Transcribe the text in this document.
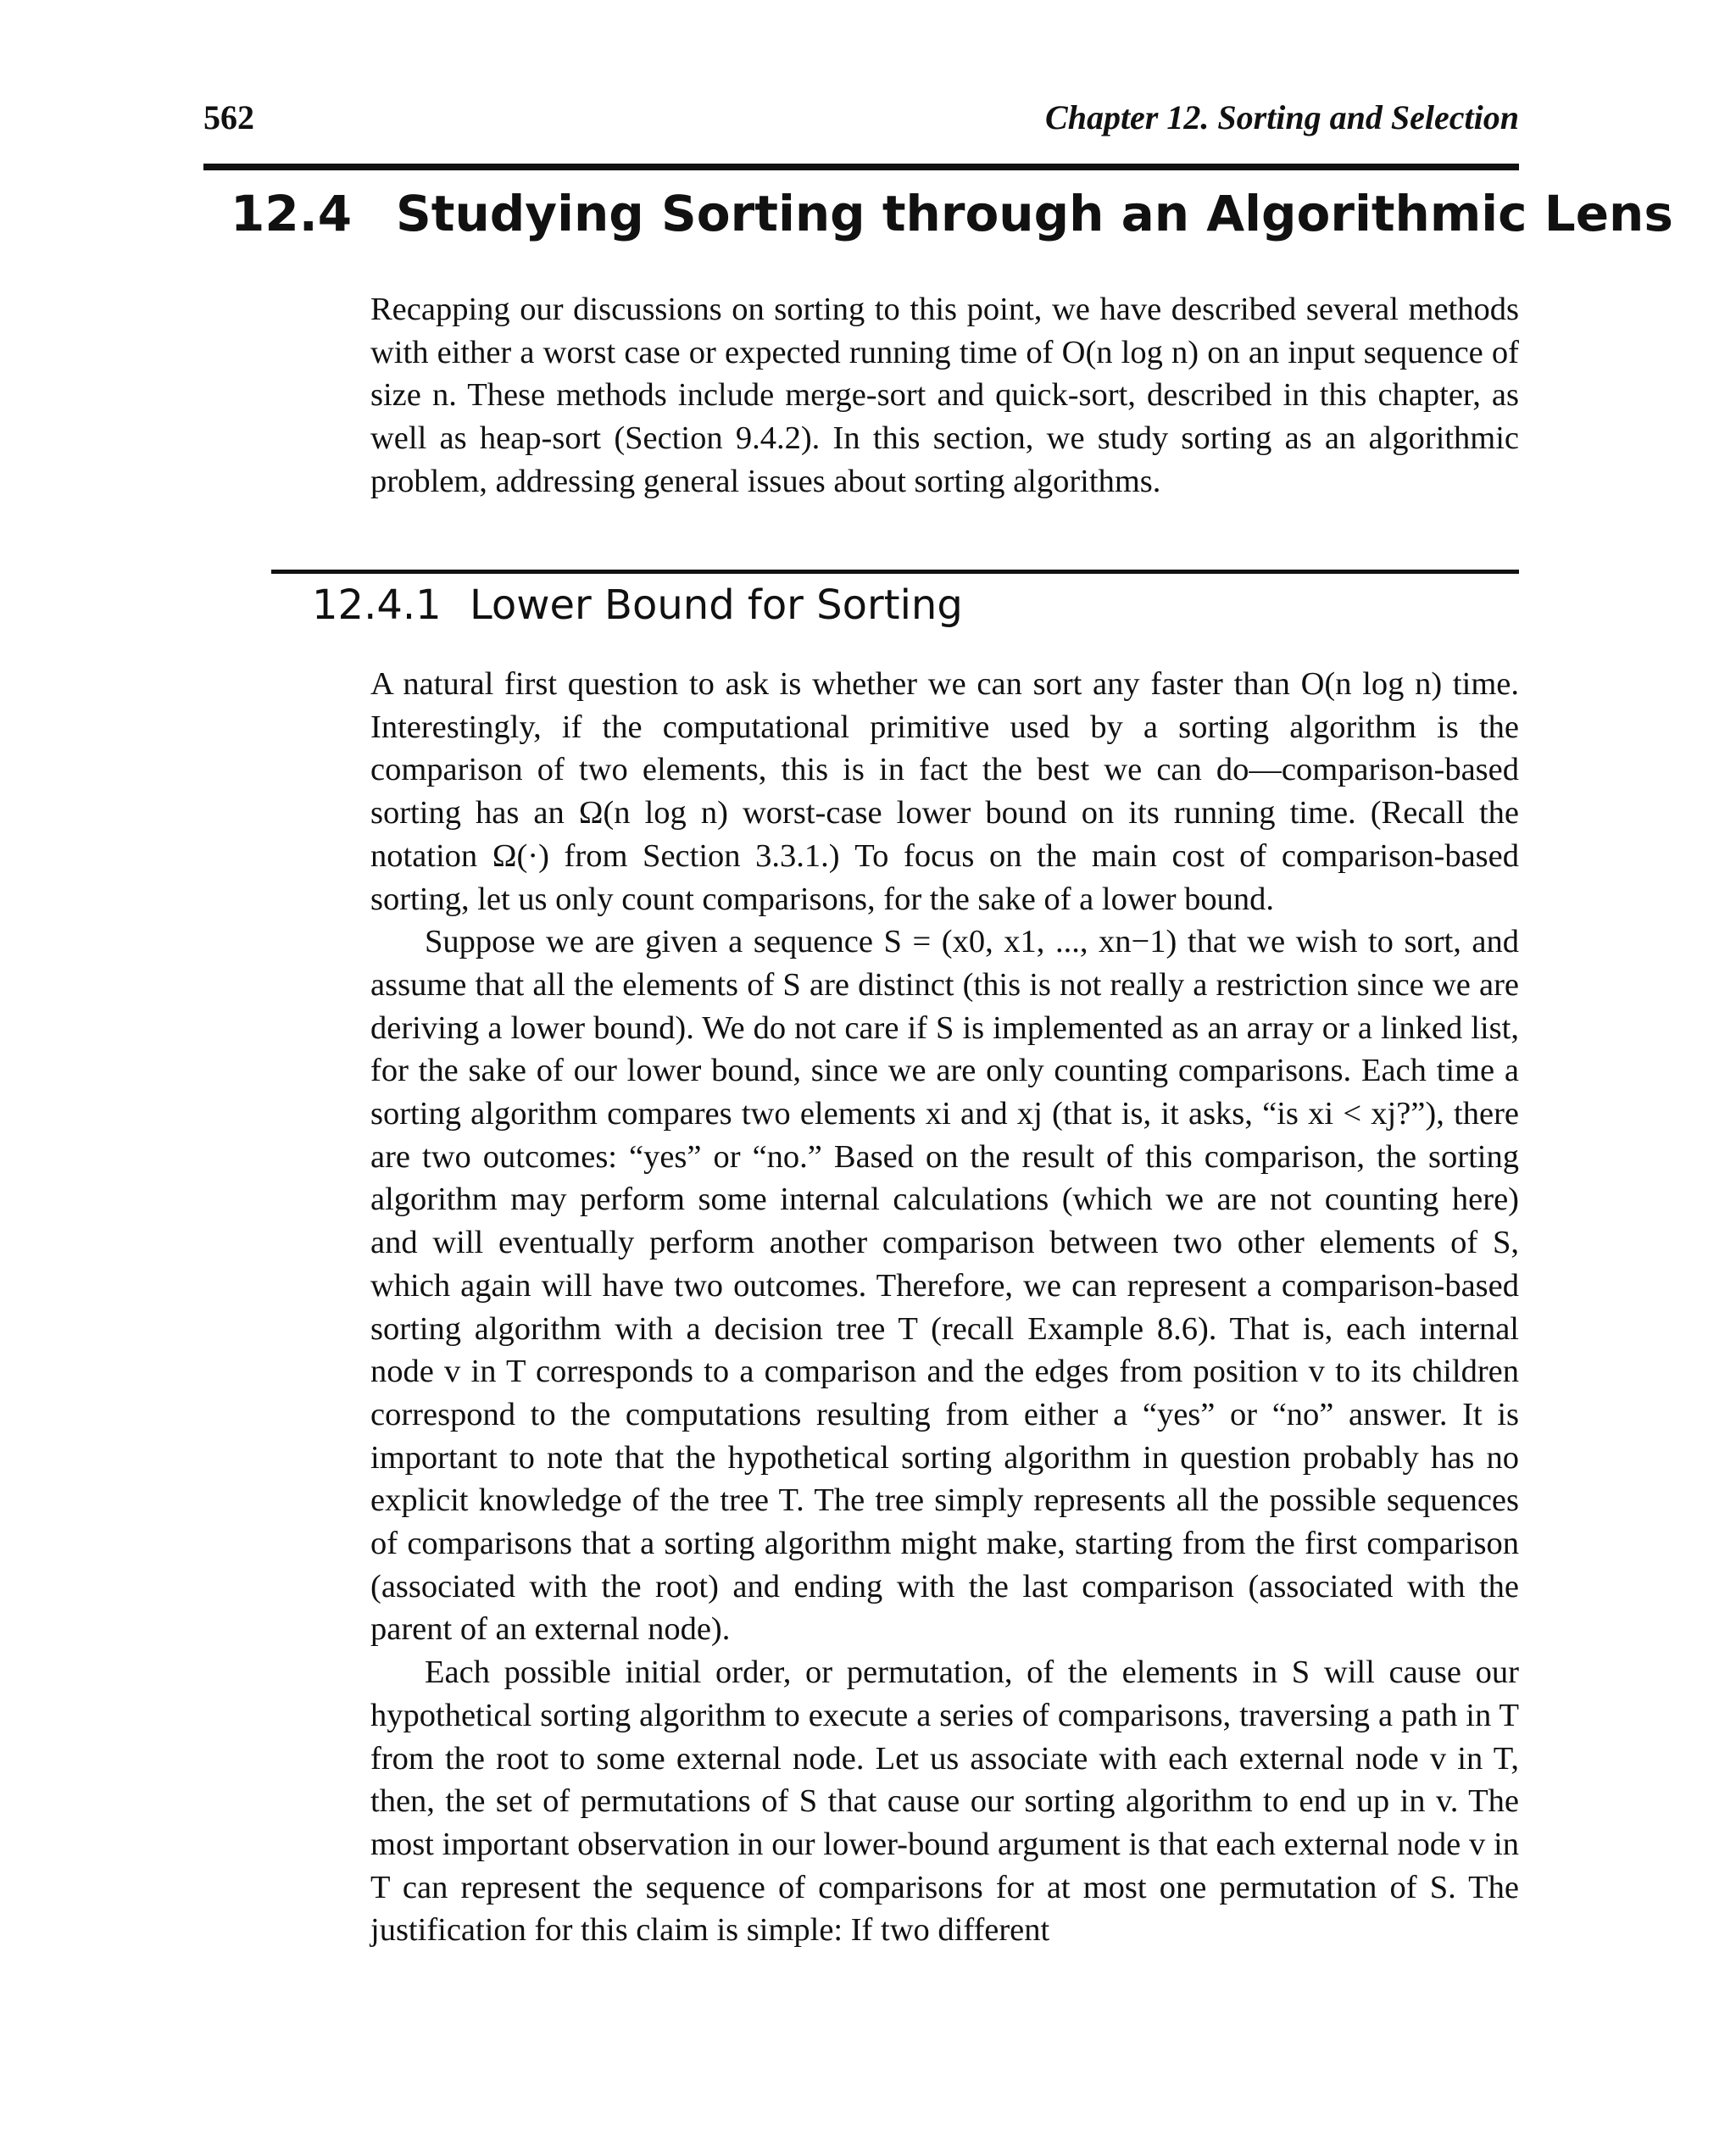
562	Chapter 12. Sorting and Selection
12.4 Studying Sorting through an Algorithmic Lens

Recapping our discussions on sorting to this point, we have described several methods with either a worst case or expected running time of O(n log n) on an input sequence of size n. These methods include merge-sort and quick-sort, described in this chapter, as well as heap-sort (Section 9.4.2). In this section, we study sorting as an algorithmic problem, addressing general issues about sorting algorithms.

12.4.1 Lower Bound for Sorting

A natural first question to ask is whether we can sort any faster than O(n log n) time. Interestingly, if the computational primitive used by a sorting algorithm is the comparison of two elements, this is in fact the best we can do—comparison-based sorting has an Ω(n log n) worst-case lower bound on its running time. (Recall the notation Ω(·) from Section 3.3.1.) To focus on the main cost of comparison-based sorting, let us only count comparisons, for the sake of a lower bound.

Suppose we are given a sequence S = (x0, x1, ..., xn−1) that we wish to sort, and assume that all the elements of S are distinct (this is not really a restriction since we are deriving a lower bound). We do not care if S is implemented as an array or a linked list, for the sake of our lower bound, since we are only counting comparisons. Each time a sorting algorithm compares two elements xi and xj (that is, it asks, “is xi < xj?”), there are two outcomes: “yes” or “no.” Based on the result of this comparison, the sorting algorithm may perform some internal calculations (which we are not counting here) and will eventually perform another comparison between two other elements of S, which again will have two outcomes. Therefore, we can represent a comparison-based sorting algorithm with a decision tree T (recall Example 8.6). That is, each internal node v in T corresponds to a comparison and the edges from position v to its children correspond to the computations resulting from either a “yes” or “no” answer. It is important to note that the hypothetical sorting algorithm in question probably has no explicit knowledge of the tree T. The tree simply represents all the possible sequences of comparisons that a sorting algorithm might make, starting from the first comparison (associated with the root) and ending with the last comparison (associated with the parent of an external node).

Each possible initial order, or permutation, of the elements in S will cause our hypothetical sorting algorithm to execute a series of comparisons, traversing a path in T from the root to some external node. Let us associate with each external node v in T, then, the set of permutations of S that cause our sorting algorithm to end up in v. The most important observation in our lower-bound argument is that each external node v in T can represent the sequence of comparisons for at most one permutation of S. The justification for this claim is simple: If two different
